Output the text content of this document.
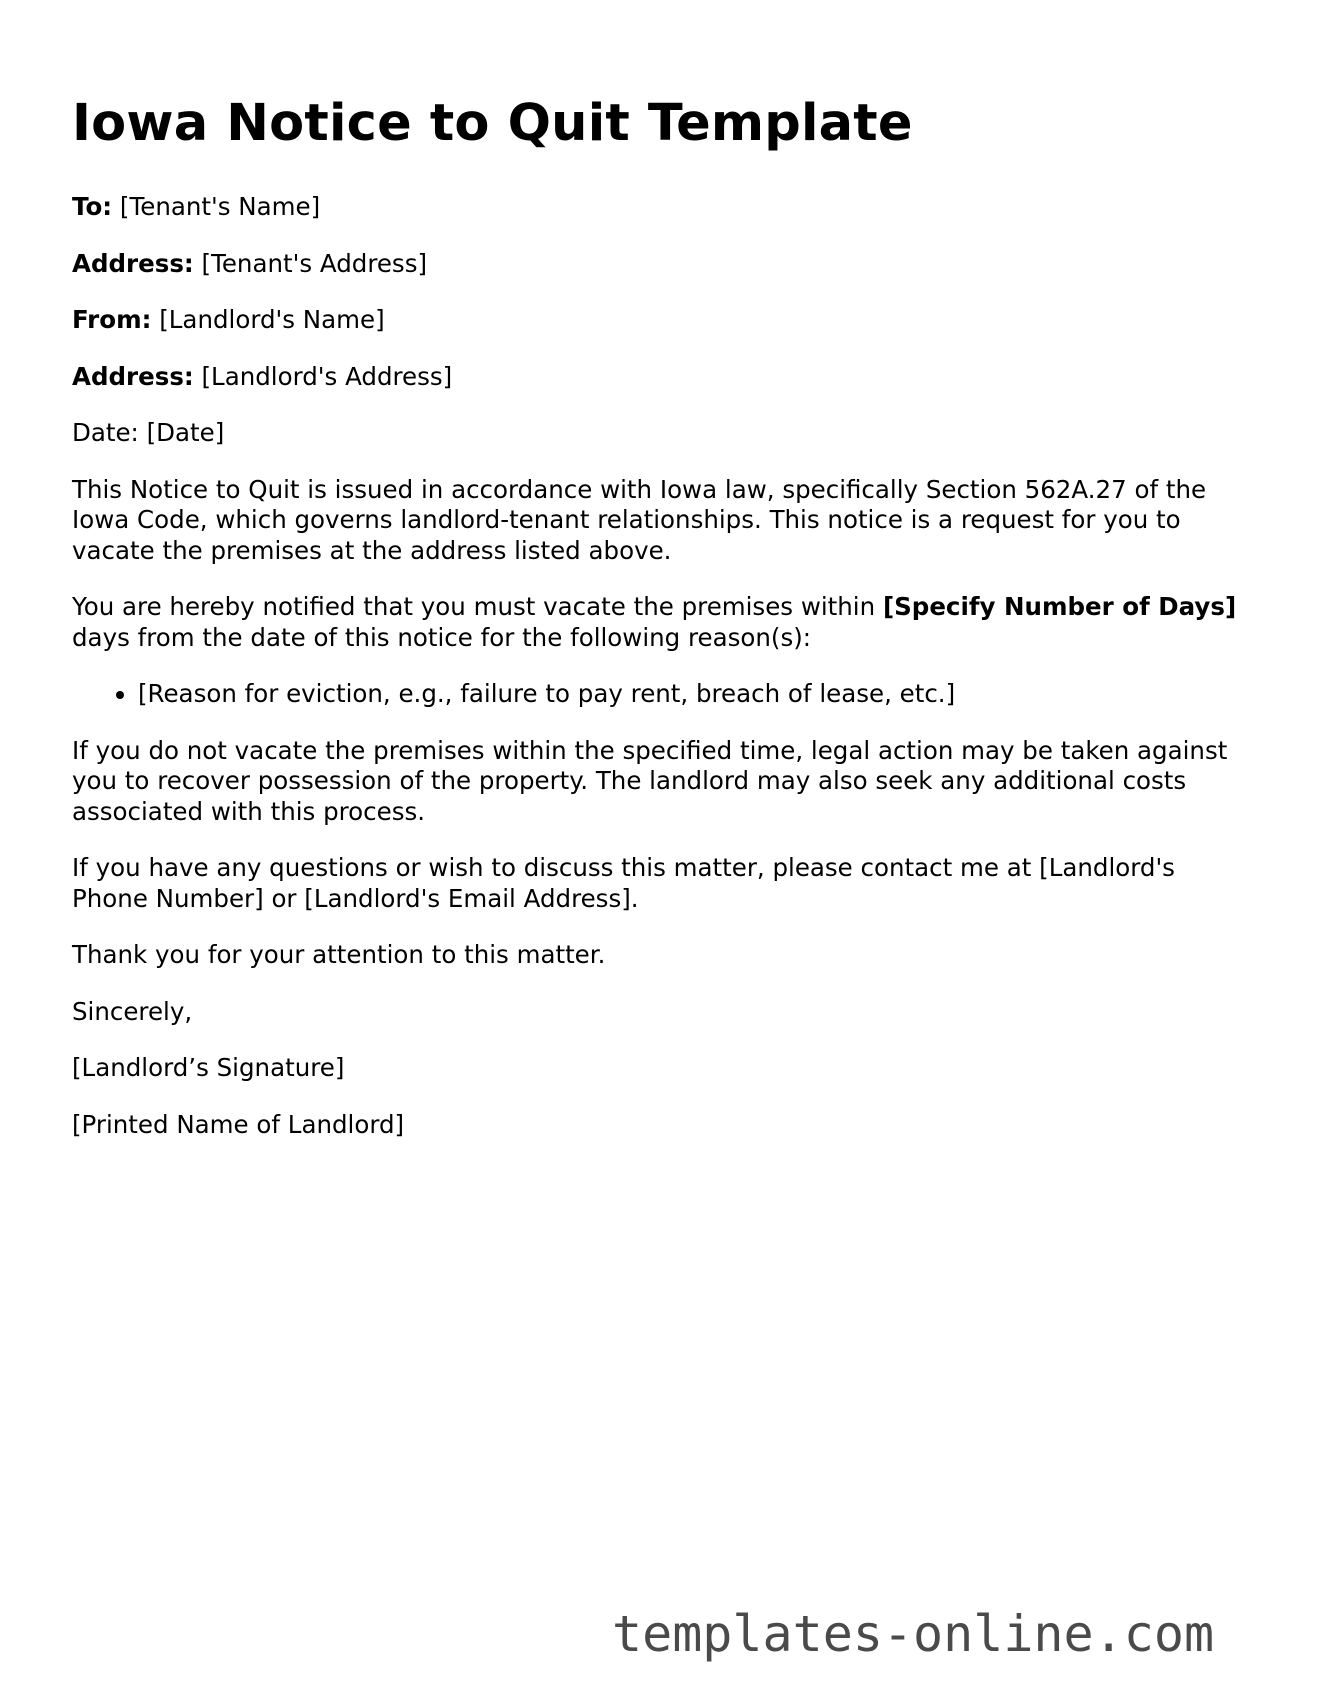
Iowa Notice to Quit Template

To: [Tenant's Name]

Address: [Tenant's Address]

From: [Landlord's Name]

Address: [Landlord's Address]

Date: [Date]

This Notice to Quit is issued in accordance with Iowa law, specifically Section 562A.27 of the Iowa Code, which governs landlord-tenant relationships. This notice is a request for you to vacate the premises at the address listed above.

You are hereby notified that you must vacate the premises within [Specify Number of Days] days from the date of this notice for the following reason(s):

• [Reason for eviction, e.g., failure to pay rent, breach of lease, etc.]

If you do not vacate the premises within the specified time, legal action may be taken against you to recover possession of the property. The landlord may also seek any additional costs associated with this process.

If you have any questions or wish to discuss this matter, please contact me at [Landlord's Phone Number] or [Landlord's Email Address].

Thank you for your attention to this matter.

Sincerely,

[Landlord’s Signature]

[Printed Name of Landlord]

templates-online.com
